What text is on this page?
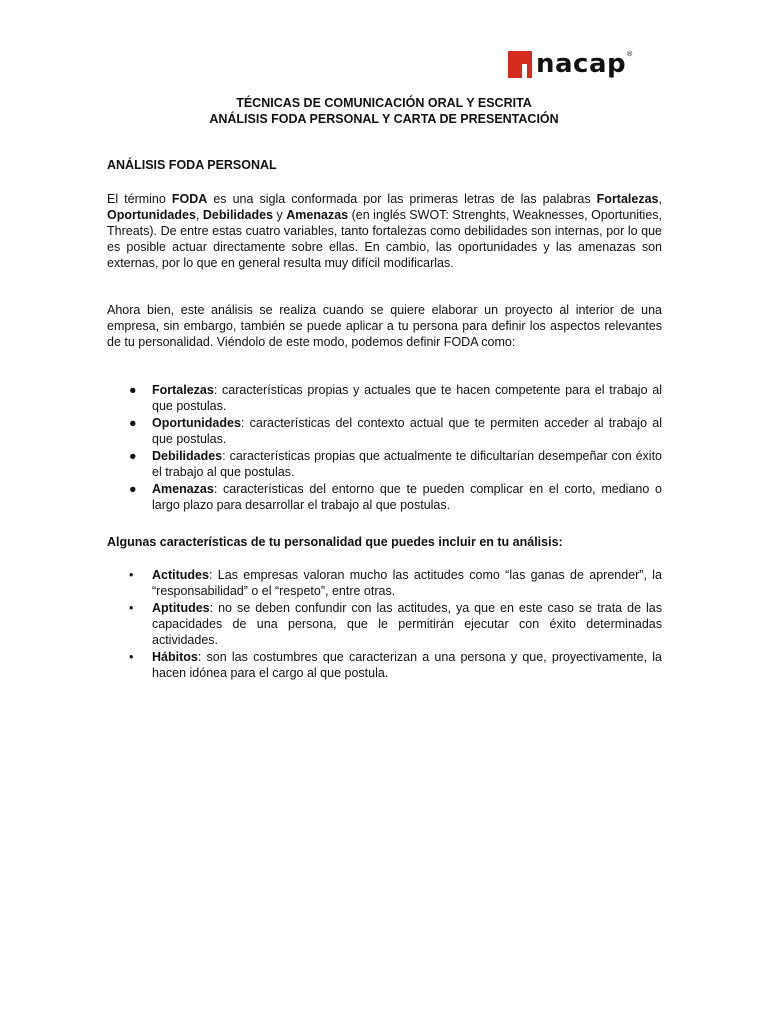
nacap®
TÉCNICAS DE COMUNICACIÓN ORAL Y ESCRITA
ANÁLISIS FODA PERSONAL Y CARTA DE PRESENTACIÓN
ANÁLISIS FODA PERSONAL

El término FODA es una sigla conformada por las primeras letras de las palabras Fortalezas, Oportunidades, Debilidades y Amenazas (en inglés SWOT: Strenghts, Weaknesses, Oportunities, Threats). De entre estas cuatro variables, tanto fortalezas como debilidades son internas, por lo que es posible actuar directamente sobre ellas. En cambio, las oportunidades y las amenazas son externas, por lo que en general resulta muy difícil modificarlas.

Ahora bien, este análisis se realiza cuando se quiere elaborar un proyecto al interior de una empresa, sin embargo, también se puede aplicar a tu persona para definir los aspectos relevantes de tu personalidad. Viéndolo de este modo, podemos definir FODA como:

● Fortalezas: características propias y actuales que te hacen competente para el trabajo al que postulas.
● Oportunidades: características del contexto actual que te permiten acceder al trabajo al que postulas.
● Debilidades: características propias que actualmente te dificultarían desempeñar con éxito el trabajo al que postulas.
● Amenazas: características del entorno que te pueden complicar en el corto, mediano o largo plazo para desarrollar el trabajo al que postulas.
Algunas características de tu personalidad que puedes incluir en tu análisis:
• Actitudes: Las empresas valoran mucho las actitudes como “las ganas de aprender”, la “responsabilidad” o el “respeto”, entre otras.
• Aptitudes: no se deben confundir con las actitudes, ya que en este caso se trata de las capacidades de una persona, que le permitirán ejecutar con éxito determinadas actividades.
• Hábitos: son las costumbres que caracterizan a una persona y que, proyectivamente, la hacen idónea para el cargo al que postula.
